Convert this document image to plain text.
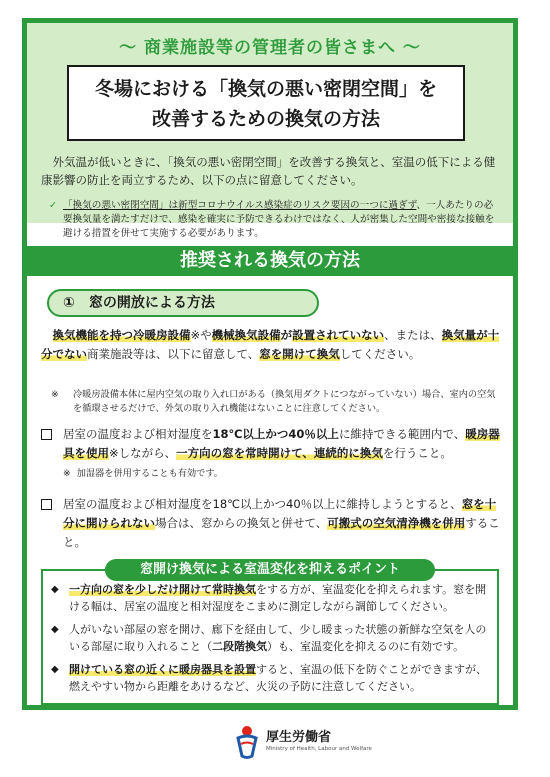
〜 商業施設等の管理者の皆さまへ 〜
冬場における「換気の悪い密閉空間」を
改善するための換気の方法
外気温が低いときに、「換気の悪い密閉空間」を改善する換気と、室温の低下による健康影響の防止を両立するため、以下の点に留意してください。
✓ 「換気の悪い密閉空間」は新型コロナウイルス感染症のリスク要因の一つに過ぎず、一人あたりの必要換気量を満たすだけで、感染を確実に予防できるわけではなく、人が密集した空間や密接な接触を避ける措置を併せて実施する必要があります。
推奨される換気の方法
① 窓の開放による方法
換気機能を持つ冷暖房設備※や機械換気設備が設置されていない、または、換気量が十分でない商業施設等は、以下に留意して、窓を開けて換気してください。
※	冷暖房設備本体に屋内空気の取り入れ口がある（換気用ダクトにつながっていない）場合、室内の空気を循環させるだけで、外気の取り入れ機能はないことに注意してください。
居室の温度および相対湿度を18℃以上かつ40％以上に維持できる範囲内で、暖房器具を使用※しながら、一方向の窓を常時開けて、連続的に換気を行うこと。
※ 加湿器を併用することも有効です。
居室の温度および相対湿度を18℃以上かつ40％以上に維持しようとすると、窓を十分に開けられない場合は、窓からの換気と併せて、可搬式の空気清浄機を併用すること。
窓開け換気による室温変化を抑えるポイント
◆ 一方向の窓を少しだけ開けて常時換気をする方が、室温変化を抑えられます。窓を開ける幅は、居室の温度と相対湿度をこまめに測定しながら調節してください。
◆ 人がいない部屋の窓を開け、廊下を経由して、少し暖まった状態の新鮮な空気を人のいる部屋に取り入れること（二段階換気）も、室温変化を抑えるのに有効です。
◆ 開けている窓の近くに暖房器具を設置すると、室温の低下を防ぐことができますが、燃えやすい物から距離をあけるなど、火災の予防に注意してください。
厚生労働省
Ministry of Health, Labour and Welfare
